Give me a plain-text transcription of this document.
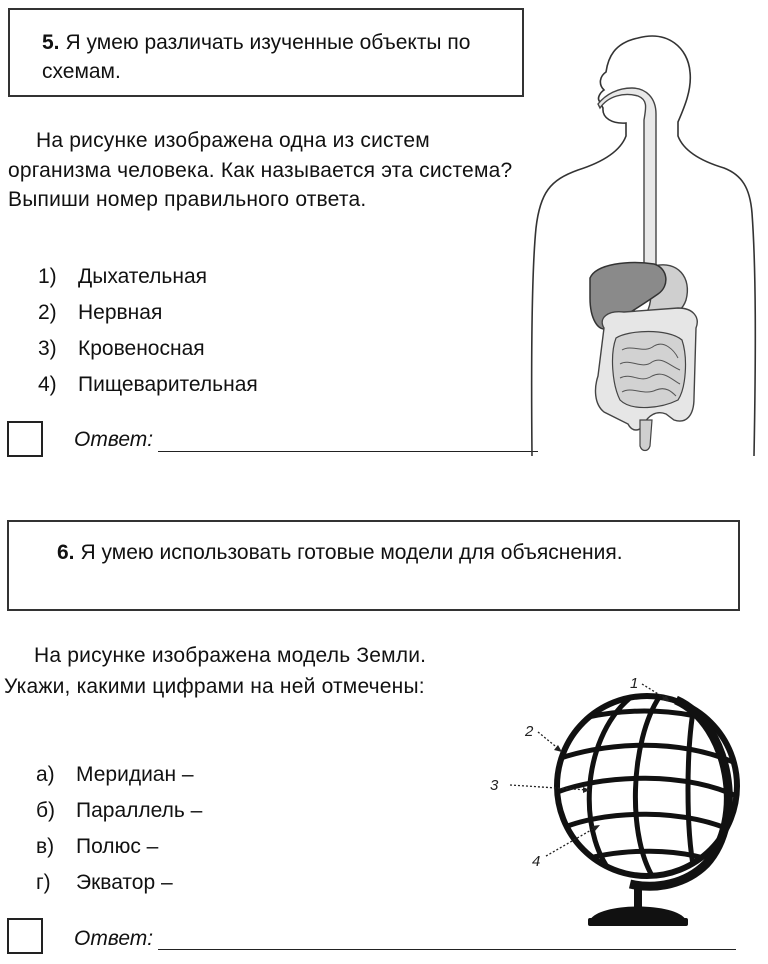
5. Я умею различать изученные объекты по схемам.
На рисунке изображена одна из систем организма человека. Как называется эта система? Выпиши номер правильного ответа.
1) Дыхательная
2) Нервная
3) Кровеносная
4) Пищеварительная
Ответ:
6. Я умею использовать готовые модели для объяснения.
На рисунке изображена модель Земли.
Укажи, какими цифрами на ней отмечены:
а) Меридиан –
б) Параллель –
в) Полюс –
г) Экватор –
Ответ:
1
2
3
4
